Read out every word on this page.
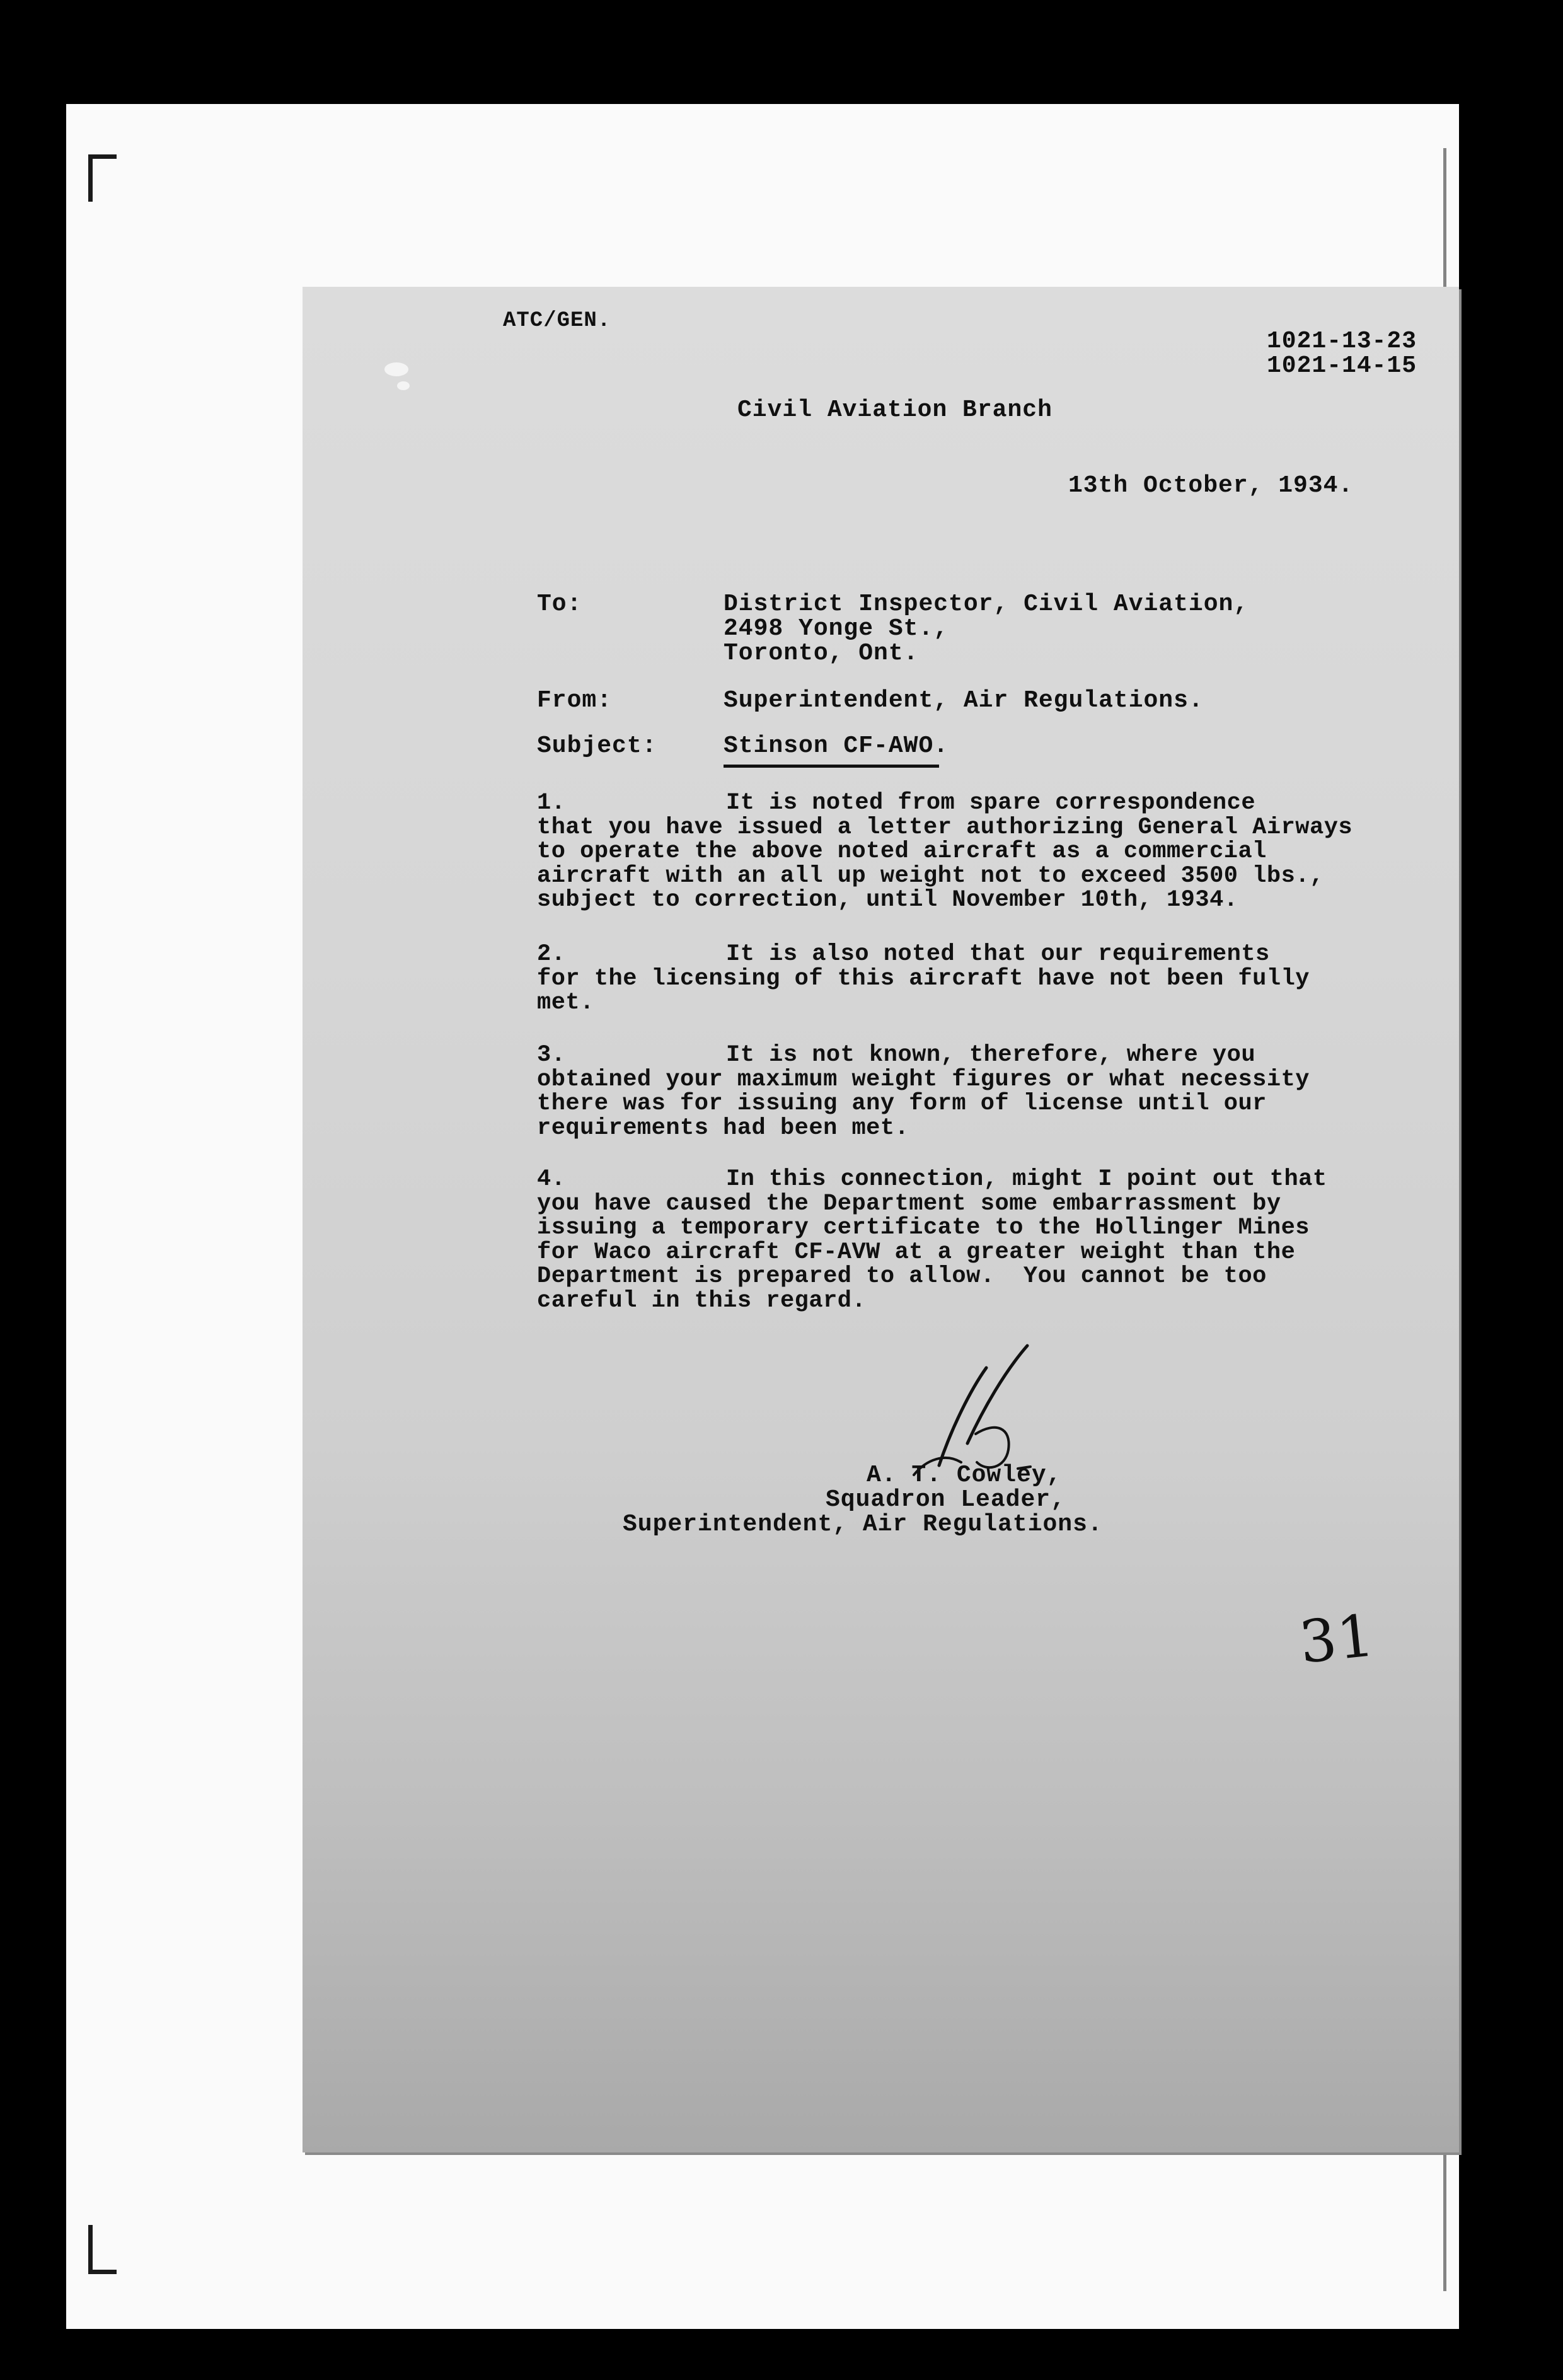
ATC/GEN.
1021-13-23
1021-14-15
Civil Aviation Branch
13th October, 1934.
To:	District Inspector, Civil Aviation,
2498 Yonge St.,
Toronto, Ont.
From:	Superintendent, Air Regulations.
Subject:	Stinson CF-AWO.
1.	It is noted from spare correspondence
that you have issued a letter authorizing General Airways
to operate the above noted aircraft as a commercial
aircraft with an all up weight not to exceed 3500 lbs.,
subject to correction, until November 10th, 1934.
2.	It is also noted that our requirements
for the licensing of this aircraft have not been fully
met.
3.	It is not known, therefore, where you
obtained your maximum weight figures or what necessity
there was for issuing any form of license until our
requirements had been met.
4.	In this connection, might I point out that
you have caused the Department some embarrassment by
issuing a temporary certificate to the Hollinger Mines
for Waco aircraft CF-AVW at a greater weight than the
Department is prepared to allow.  You cannot be too
careful in this regard.
A. T. Cowley,
Squadron Leader,
Superintendent, Air Regulations.
31
